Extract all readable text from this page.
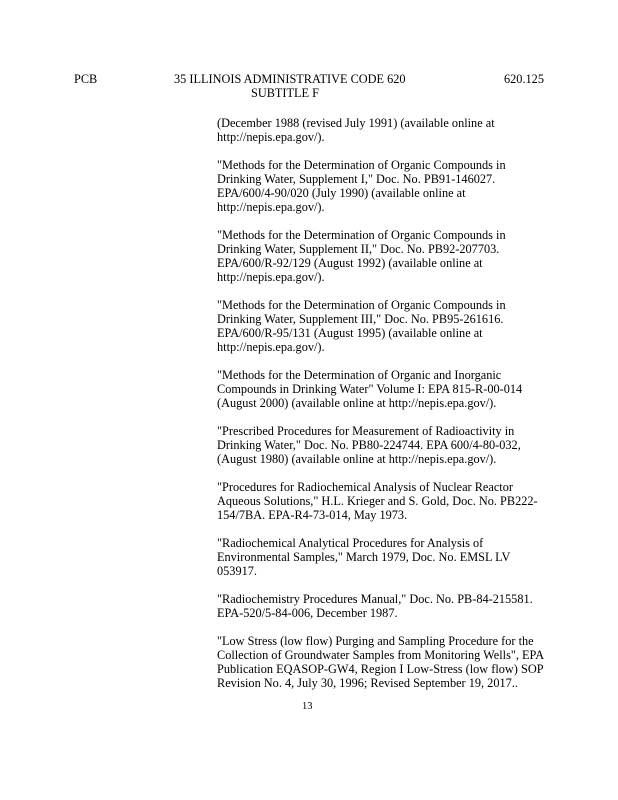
PCB	35 ILLINOIS ADMINISTRATIVE CODE 620	620.125
SUBTITLE F

(December 1988 (revised July 1991) (available online at
http://nepis.epa.gov/).

"Methods for the Determination of Organic Compounds in
Drinking Water, Supplement I," Doc. No. PB91-146027.
EPA/600/4-90/020 (July 1990) (available online at
http://nepis.epa.gov/).

"Methods for the Determination of Organic Compounds in
Drinking Water, Supplement II," Doc. No. PB92-207703.
EPA/600/R-92/129 (August 1992) (available online at
http://nepis.epa.gov/).

"Methods for the Determination of Organic Compounds in
Drinking Water, Supplement III," Doc. No. PB95-261616.
EPA/600/R-95/131 (August 1995) (available online at
http://nepis.epa.gov/).

"Methods for the Determination of Organic and Inorganic
Compounds in Drinking Water" Volume I: EPA 815-R-00-014
(August 2000) (available online at http://nepis.epa.gov/).

"Prescribed Procedures for Measurement of Radioactivity in
Drinking Water," Doc. No. PB80-224744. EPA 600/4-80-032,
(August 1980) (available online at http://nepis.epa.gov/).

"Procedures for Radiochemical Analysis of Nuclear Reactor
Aqueous Solutions," H.L. Krieger and S. Gold, Doc. No. PB222-
154/7BA. EPA-R4-73-014, May 1973.

"Radiochemical Analytical Procedures for Analysis of
Environmental Samples," March 1979, Doc. No. EMSL LV
053917.

"Radiochemistry Procedures Manual," Doc. No. PB-84-215581.
EPA-520/5-84-006, December 1987.

"Low Stress (low flow) Purging and Sampling Procedure for the
Collection of Groundwater Samples from Monitoring Wells", EPA
Publication EQASOP-GW4, Region I Low-Stress (low flow) SOP
Revision No. 4, July 30, 1996; Revised September 19, 2017..

13
